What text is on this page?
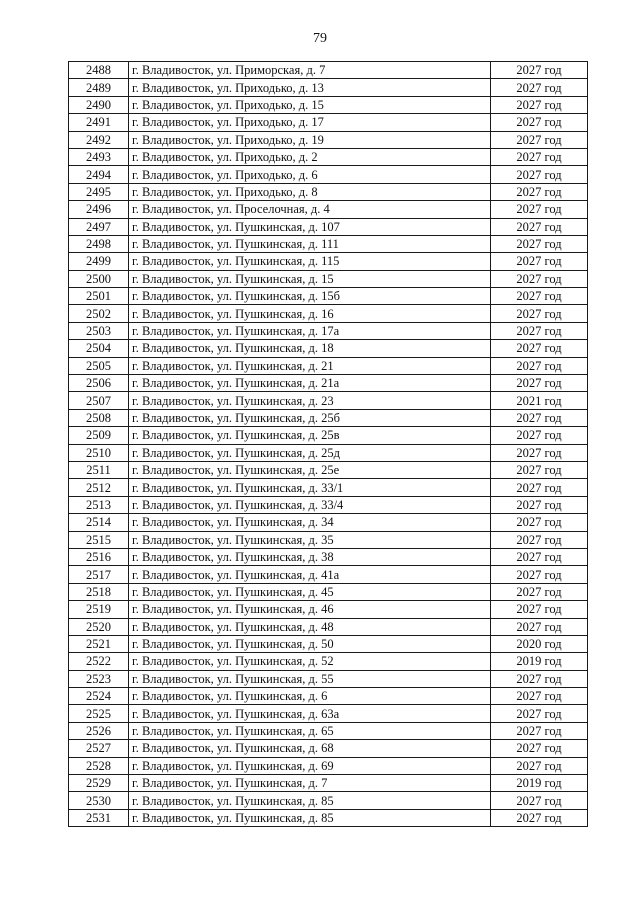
79
2488	г. Владивосток, ул. Приморская, д. 7	2027 год
2489	г. Владивосток, ул. Приходько, д. 13	2027 год
2490	г. Владивосток, ул. Приходько, д. 15	2027 год
2491	г. Владивосток, ул. Приходько, д. 17	2027 год
2492	г. Владивосток, ул. Приходько, д. 19	2027 год
2493	г. Владивосток, ул. Приходько, д. 2	2027 год
2494	г. Владивосток, ул. Приходько, д. 6	2027 год
2495	г. Владивосток, ул. Приходько, д. 8	2027 год
2496	г. Владивосток, ул. Проселочная, д. 4	2027 год
2497	г. Владивосток, ул. Пушкинская, д. 107	2027 год
2498	г. Владивосток, ул. Пушкинская, д. 111	2027 год
2499	г. Владивосток, ул. Пушкинская, д. 115	2027 год
2500	г. Владивосток, ул. Пушкинская, д. 15	2027 год
2501	г. Владивосток, ул. Пушкинская, д. 15б	2027 год
2502	г. Владивосток, ул. Пушкинская, д. 16	2027 год
2503	г. Владивосток, ул. Пушкинская, д. 17а	2027 год
2504	г. Владивосток, ул. Пушкинская, д. 18	2027 год
2505	г. Владивосток, ул. Пушкинская, д. 21	2027 год
2506	г. Владивосток, ул. Пушкинская, д. 21а	2027 год
2507	г. Владивосток, ул. Пушкинская, д. 23	2021 год
2508	г. Владивосток, ул. Пушкинская, д. 25б	2027 год
2509	г. Владивосток, ул. Пушкинская, д. 25в	2027 год
2510	г. Владивосток, ул. Пушкинская, д. 25д	2027 год
2511	г. Владивосток, ул. Пушкинская, д. 25е	2027 год
2512	г. Владивосток, ул. Пушкинская, д. 33/1	2027 год
2513	г. Владивосток, ул. Пушкинская, д. 33/4	2027 год
2514	г. Владивосток, ул. Пушкинская, д. 34	2027 год
2515	г. Владивосток, ул. Пушкинская, д. 35	2027 год
2516	г. Владивосток, ул. Пушкинская, д. 38	2027 год
2517	г. Владивосток, ул. Пушкинская, д. 41а	2027 год
2518	г. Владивосток, ул. Пушкинская, д. 45	2027 год
2519	г. Владивосток, ул. Пушкинская, д. 46	2027 год
2520	г. Владивосток, ул. Пушкинская, д. 48	2027 год
2521	г. Владивосток, ул. Пушкинская, д. 50	2020 год
2522	г. Владивосток, ул. Пушкинская, д. 52	2019 год
2523	г. Владивосток, ул. Пушкинская, д. 55	2027 год
2524	г. Владивосток, ул. Пушкинская, д. 6	2027 год
2525	г. Владивосток, ул. Пушкинская, д. 63а	2027 год
2526	г. Владивосток, ул. Пушкинская, д. 65	2027 год
2527	г. Владивосток, ул. Пушкинская, д. 68	2027 год
2528	г. Владивосток, ул. Пушкинская, д. 69	2027 год
2529	г. Владивосток, ул. Пушкинская, д. 7	2019 год
2530	г. Владивосток, ул. Пушкинская, д. 85	2027 год
2531	г. Владивосток, ул. Пушкинская, д. 85	2027 год
